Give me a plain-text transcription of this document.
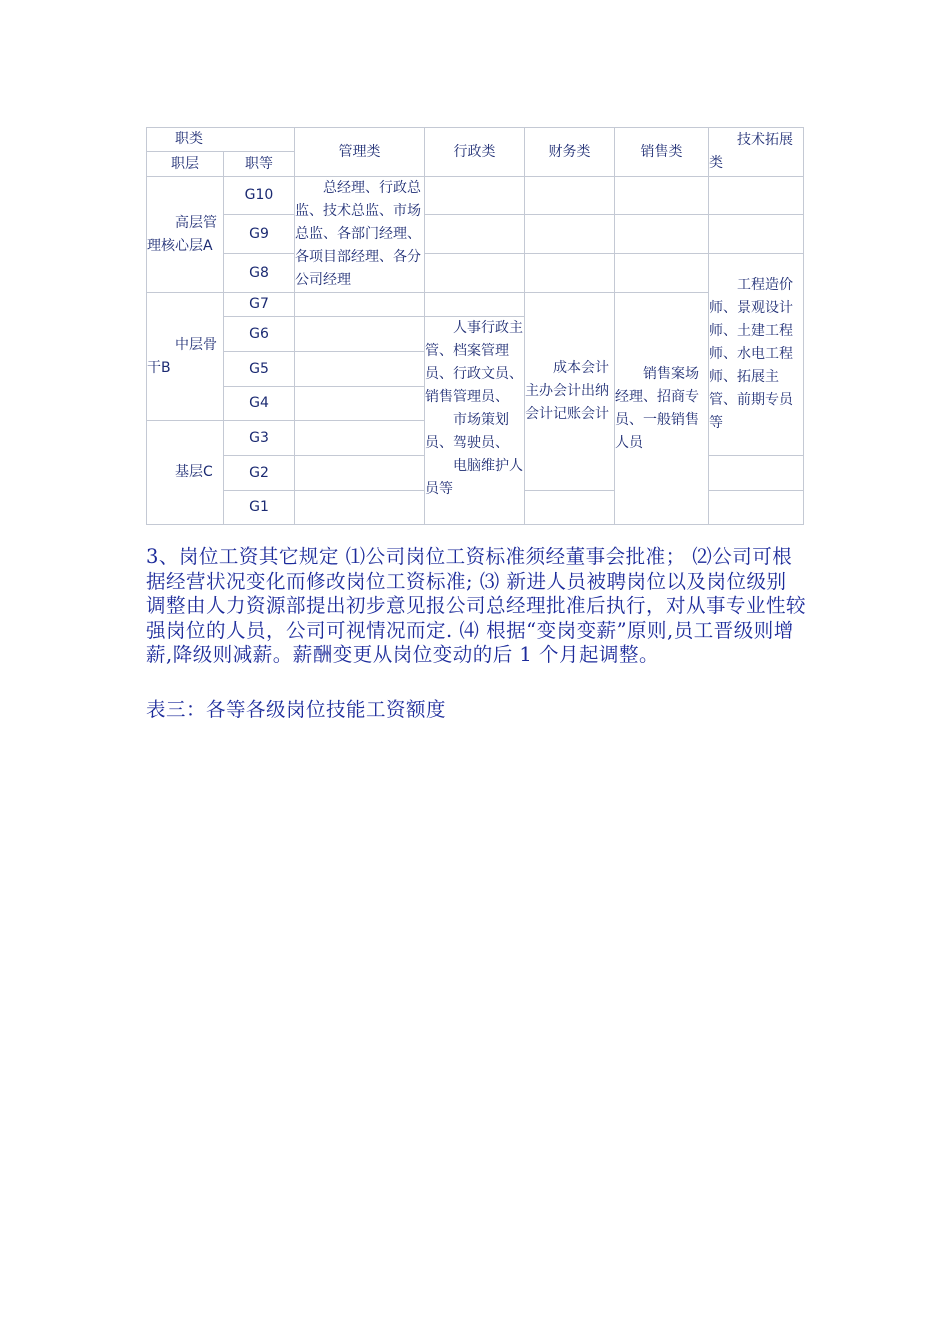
职类		管理类	行政类	财务类	销售类	技术拓展类
职层	职等					
高层管理核心层A	G10	总经理、行政总监、技术总监、市场总监、各部门经理、各项目部经理、各分公司经理				
	G9					
	G8					工程造价师、景观设计师、土建工程师、水电工程师、拓展主管、前期专员等
中层骨干B	G7			成本会计主办会计出纳会计记账会计	销售案场经理、招商专员、一般销售人员	
	G6		人事行政主管、档案管理员、行政文员、销售管理员、
市场策划员、驾驶员、
电脑维护人员等			

	G5					
	G4					
基层C	G3					
	G2					
	G1					
3、岗位工资其它规定 ⑴公司岗位工资标准须经董事会批准； ⑵公司可根据经营状况变化而修改岗位工资标准; ⑶ 新进人员被聘岗位以及岗位级别调整由人力资源部提出初步意见报公司总经理批准后执行，对从事专业性较强岗位的人员，公司可视情况而定. ⑷ 根据“变岗变薪”原则,员工晋级则增薪,降级则减薪。薪酬变更从岗位变动的后 1 个月起调整。
表三：各等各级岗位技能工资额度
